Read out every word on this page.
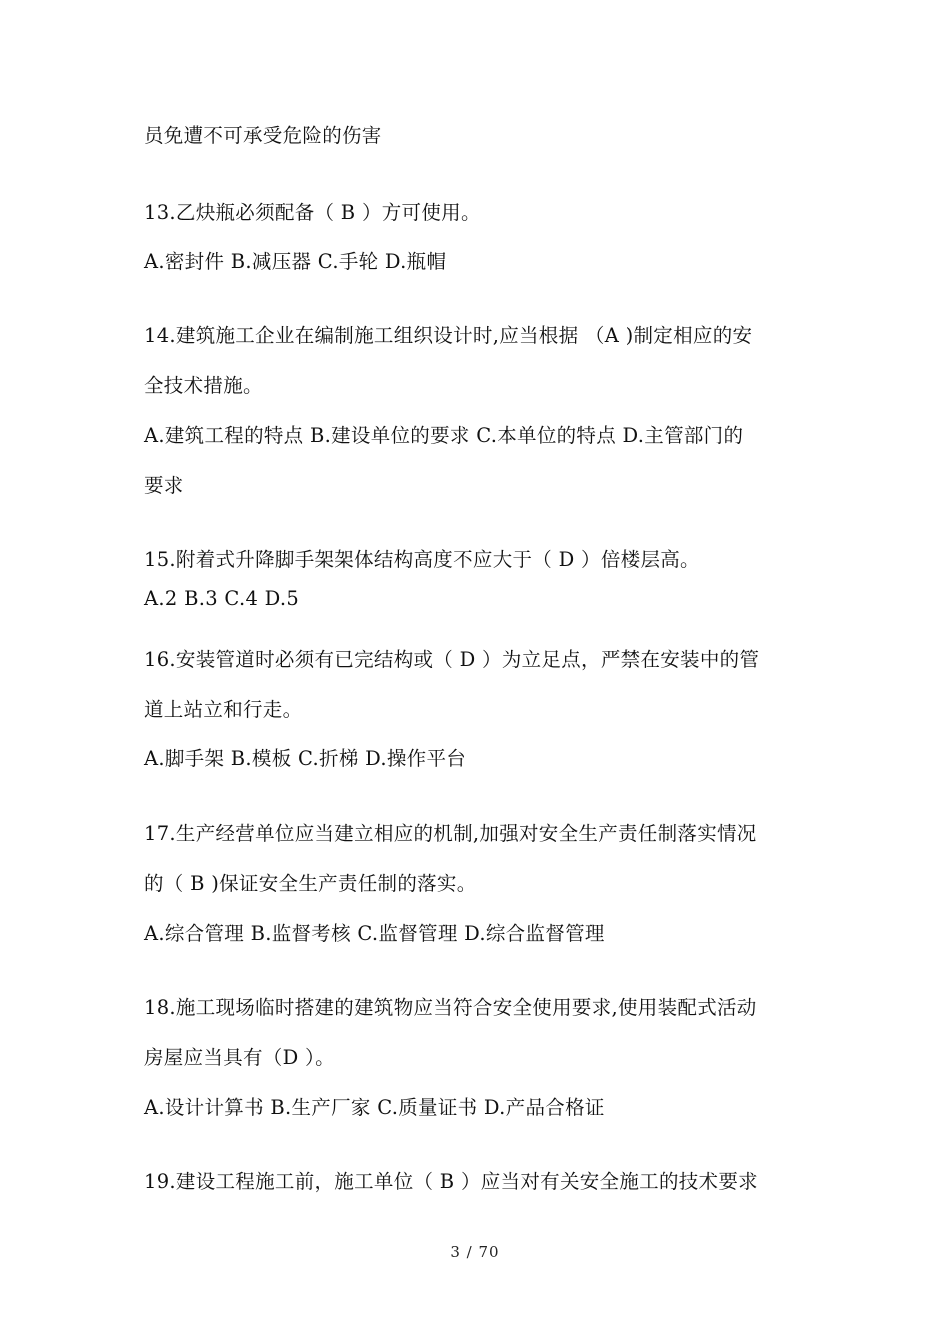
员免遭不可承受危险的伤害
13.乙炔瓶必须配备（ B ）方可使用。
A.密封件 B.减压器 C.手轮 D.瓶帽
14.建筑施工企业在编制施工组织设计时,应当根据 （A )制定相应的安
全技术措施。
A.建筑工程的特点 B.建设单位的要求 C.本单位的特点 D.主管部门的
要求
15.附着式升降脚手架架体结构高度不应大于（ D ）倍楼层高。
A.2 B.3 C.4 D.5
16.安装管道时必须有已完结构或（ D ）为立足点，严禁在安装中的管
道上站立和行走。
A.脚手架 B.模板 C.折梯 D.操作平台
17.生产经营单位应当建立相应的机制,加强对安全生产责任制落实情况
的（ B )保证安全生产责任制的落实。
A.综合管理 B.监督考核 C.监督管理 D.综合监督管理
18.施工现场临时搭建的建筑物应当符合安全使用要求,使用装配式活动
房屋应当具有（D ）。
A.设计计算书 B.生产厂家 C.质量证书 D.产品合格证
19.建设工程施工前，施工单位（ B ）应当对有关安全施工的技术要求
3 / 70
